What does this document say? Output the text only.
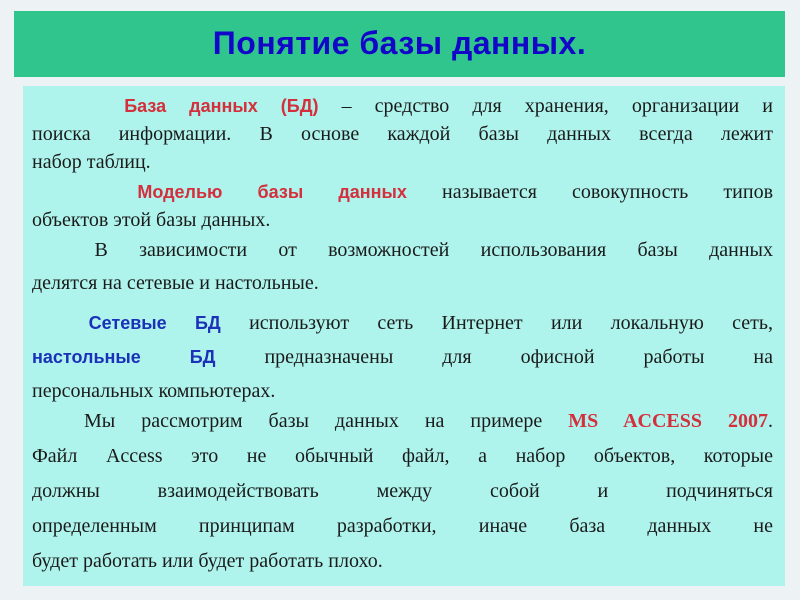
Понятие базы данных.
База данных (БД) – средство для хранения, организации и
поиска информации. В основе каждой базы данных всегда лежит
набор таблиц.
Моделью базы данных называется совокупность типов
объектов этой базы данных.
В зависимости от возможностей использования базы данных
делятся на сетевые и настольные.
Сетевые БД используют сеть Интернет или локальную сеть,
настольные БД предназначены для офисной работы на
персональных компьютерах.
Мы рассмотрим базы данных на примере MS ACCESS 2007.
Файл Access это не обычный файл, а набор объектов, которые
должны взаимодействовать между собой и подчиняться
определенным принципам разработки, иначе база данных не
будет работать или будет работать плохо.
